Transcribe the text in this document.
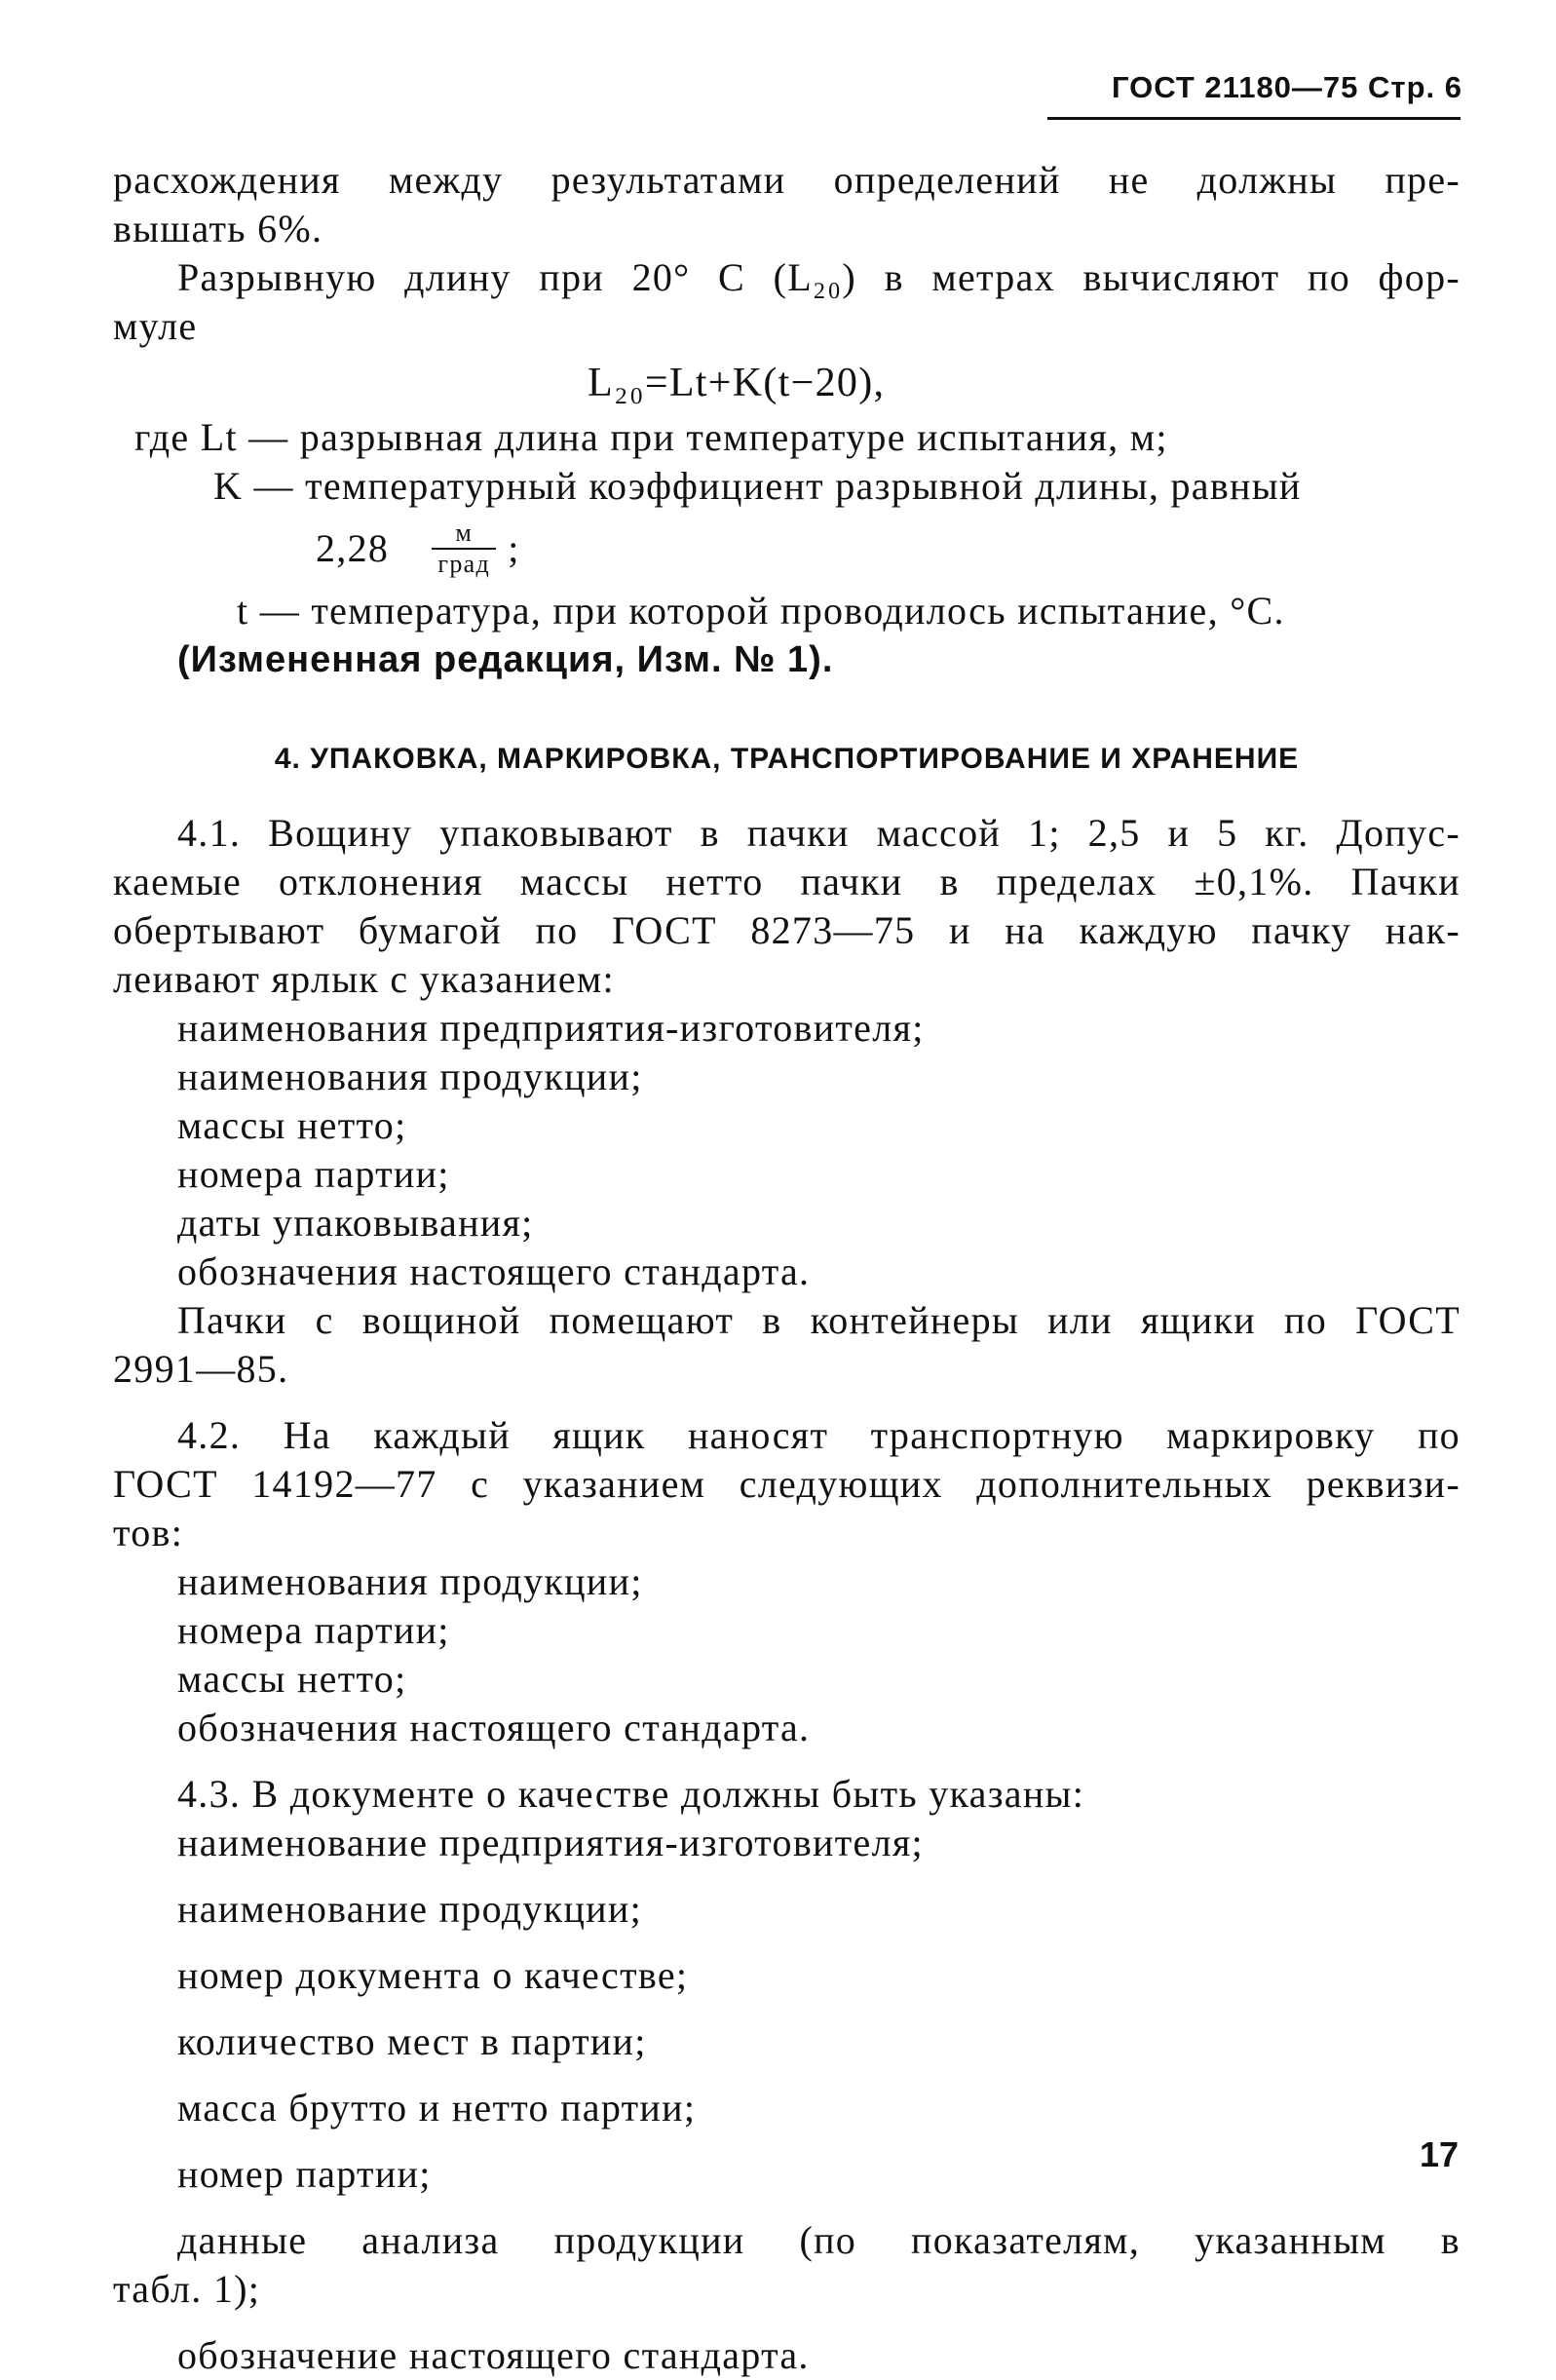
ГОСТ 21180—75 Стр. 6
расхождения между результатами определений не должны пре-
вышать 6%.
Разрывную длину при 20° С (L₂₀) в метрах вычисляют по фор-
муле
L₂₀=Lt+K(t−20),
где Lt — разрывная длина при температуре испытания, м;
K — температурный коэффициент разрывной длины, равный
$2,28 \frac{м}{\text{град}}$ ;
t — температура, при которой проводилось испытание, °С.
(Измененная редакция, Изм. № 1).
4. УПАКОВКА, МАРКИРОВКА, ТРАНСПОРТИРОВАНИЕ И ХРАНЕНИЕ
4.1. Вощину упаковывают в пачки массой 1; 2,5 и 5 кг. Допус-
каемые отклонения массы нетто пачки в пределах ±0,1%. Пачки
обертывают бумагой по ГОСТ 8273—75 и на каждую пачку нак-
леивают ярлык с указанием:
наименования предприятия-изготовителя;
наименования продукции;
массы нетто;
номера партии;
даты упаковывания;
обозначения настоящего стандарта.
Пачки с вощиной помещают в контейнеры или ящики по ГОСТ
2991—85.
4.2. На каждый ящик наносят транспортную маркировку по
ГОСТ 14192—77 с указанием следующих дополнительных реквизи-
тов:
наименования продукции;
номера партии;
массы нетто;
обозначения настоящего стандарта.
4.3. В документе о качестве должны быть указаны:
наименование предприятия-изготовителя;
наименование продукции;
номер документа о качестве;
количество мест в партии;
масса брутто и нетто партии;
номер партии;
данные анализа продукции (по показателям, указанным в
табл. 1);
обозначение настоящего стандарта.
17
